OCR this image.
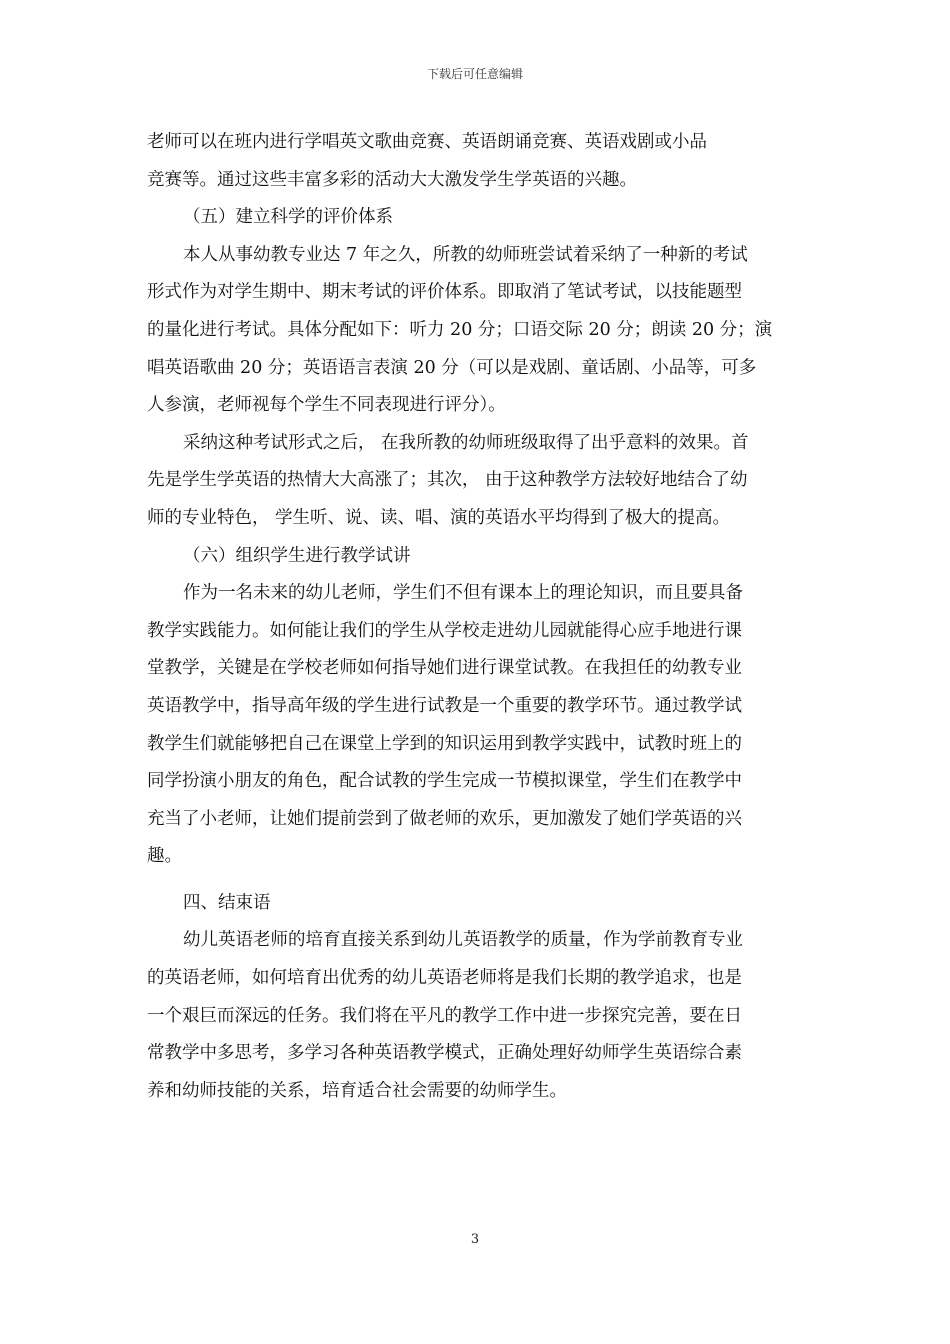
下载后可任意编辑
老师可以在班内进行学唱英文歌曲竞赛、英语朗诵竞赛、英语戏剧或小品
竞赛等。通过这些丰富多彩的活动大大激发学生学英语的兴趣。
（五）建立科学的评价体系
本人从事幼教专业达 7 年之久，所教的幼师班尝试着采纳了一种新的考试
形式作为对学生期中、期末考试的评价体系。即取消了笔试考试，以技能题型
的量化进行考试。具体分配如下：听力 20 分；口语交际 20 分；朗读 20 分；演
唱英语歌曲 20 分；英语语言表演 20 分（可以是戏剧、童话剧、小品等，可多
人参演，老师视每个学生不同表现进行评分）。
采纳这种考试形式之后， 在我所教的幼师班级取得了出乎意料的效果。首
先是学生学英语的热情大大高涨了；其次， 由于这种教学方法较好地结合了幼
师的专业特色， 学生听、说、读、唱、演的英语水平均得到了极大的提高。
（六）组织学生进行教学试讲
作为一名未来的幼儿老师，学生们不但有课本上的理论知识，而且要具备
教学实践能力。如何能让我们的学生从学校走进幼儿园就能得心应手地进行课
堂教学，关键是在学校老师如何指导她们进行课堂试教。在我担任的幼教专业
英语教学中，指导高年级的学生进行试教是一个重要的教学环节。通过教学试
教学生们就能够把自己在课堂上学到的知识运用到教学实践中，试教时班上的
同学扮演小朋友的角色，配合试教的学生完成一节模拟课堂，学生们在教学中
充当了小老师，让她们提前尝到了做老师的欢乐，更加激发了她们学英语的兴
趣。
四、结束语
幼儿英语老师的培育直接关系到幼儿英语教学的质量，作为学前教育专业
的英语老师，如何培育出优秀的幼儿英语老师将是我们长期的教学追求，也是
一个艰巨而深远的任务。我们将在平凡的教学工作中进一步探究完善，要在日
常教学中多思考，多学习各种英语教学模式，正确处理好幼师学生英语综合素
养和幼师技能的关系，培育适合社会需要的幼师学生。
3
